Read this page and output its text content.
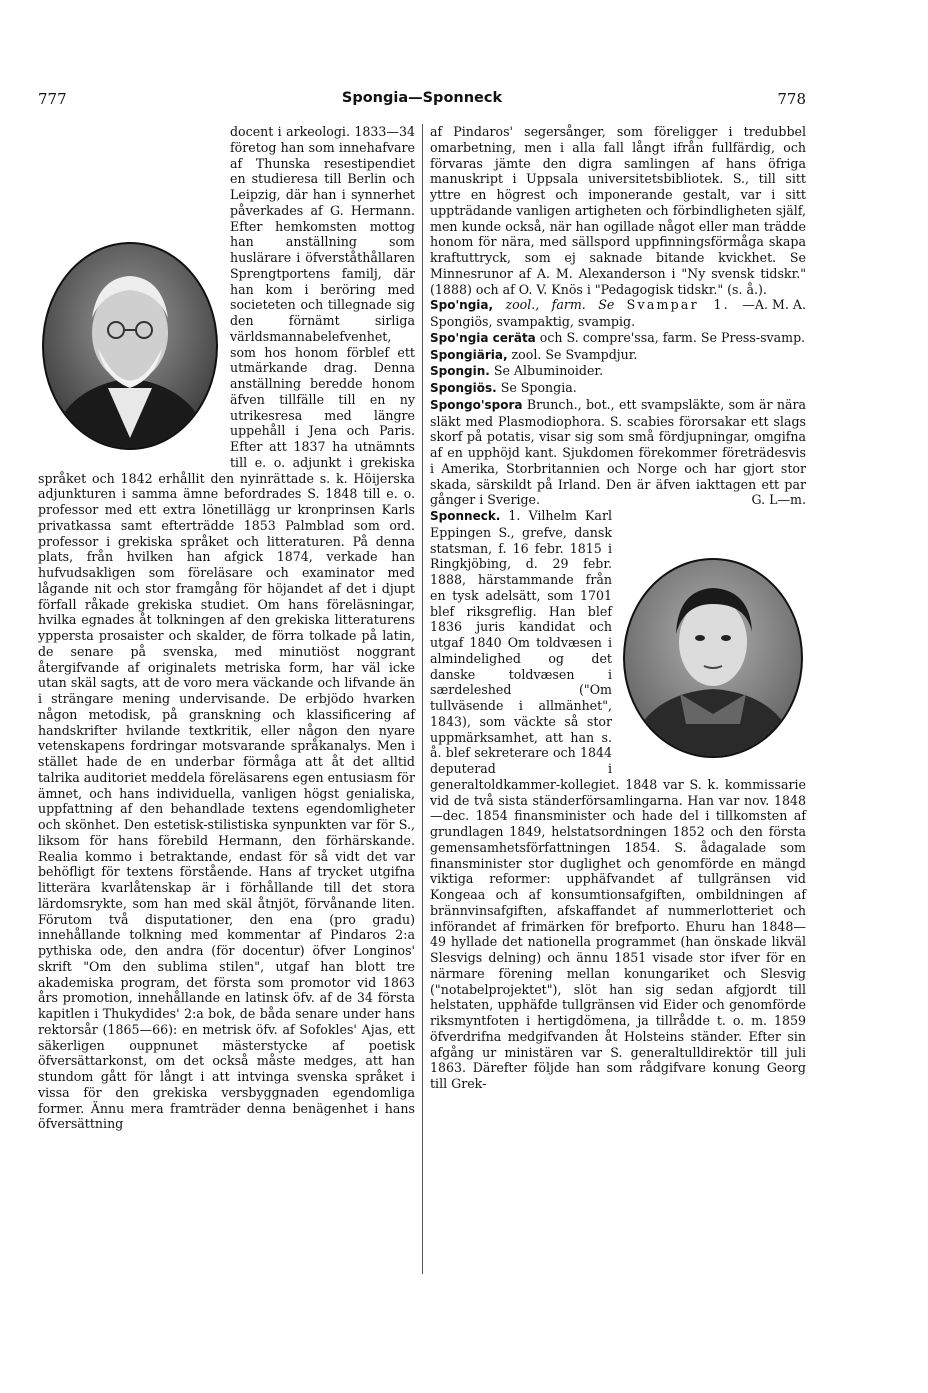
777	Spongia—Sponneck	778

docent i arkeologi. 1833—34 företog han som innehafvare af Thunska resestipendiet en studieresa till Berlin och Leipzig, där han i synnerhet påverkades af G. Hermann. Efter hemkomsten mottog han anställning som huslärare i öfverståthållaren Sprengtportens familj, där han kom i beröring med societeten och tillegnade sig den förnämt sirliga världsmannabelefvenhet, som hos honom förblef ett utmärkande drag. Denna anställning beredde honom äfven tillfälle till en ny utrikesresa med längre uppehåll i Jena och Paris. Efter att 1837 ha utnämnts till e. o. adjunkt i grekiska språket och 1842 erhållit den nyinrättade s. k. Höijerska adjunkturen i samma ämne befordrades S. 1848 till e. o. professor med ett extra lönetillägg ur kronprinsen Karls privatkassa samt efterträdde 1853 Palmblad som ord. professor i grekiska språket och litteraturen. På denna plats, från hvilken han afgick 1874, verkade han hufvudsakligen som föreläsare och examinator med lågande nit och stor framgång för höjandet af det i djupt förfall råkade grekiska studiet. Om hans föreläsningar, hvilka egnades åt tolkningen af den grekiska litteraturens yppersta prosaister och skalder, de förra tolkade på latin, de senare på svenska, med minutiöst noggrant återgifvande af originalets metriska form, har väl icke utan skäl sagts, att de voro mera väckande och lifvande än i strängare mening undervisande. De erbjödo hvarken någon metodisk, på granskning och klassificering af handskrifter hvilande textkritik, eller någon den nyare vetenskapens fordringar motsvarande språkanalys. Men i stället hade de en underbar förmåga att åt det alltid talrika auditoriet meddela föreläsarens egen entusiasm för ämnet, och hans individuella, vanligen högst genialiska, uppfattning af den behandlade textens egendomligheter och skönhet. Den estetisk-stilistiska synpunkten var för S., liksom för hans förebild Hermann, den förhärskande. Realia kommo i betraktande, endast för så vidt det var behöfligt för textens förstående. Hans af trycket utgifna litterära kvarlåtenskap är i förhållande till det stora lärdomsrykte, som han med skäl åtnjöt, förvånande liten. Förutom två disputationer, den ena (pro gradu) innehållande tolkning med kommentar af Pindaros 2:a pythiska ode, den andra (för docentur) öfver Longinos' skrift "Om den sublima stilen", utgaf han blott tre akademiska program, det första som promotor vid 1863 års promotion, innehållande en latinsk öfv. af de 34 första kapitlen i Thukydides' 2:a bok, de båda senare under hans rektorsår (1865—66): en metrisk öfv. af Sofokles' Ajas, ett säkerligen ouppnunet mästerstycke af poetisk öfversättarkonst, om det också måste medges, att han stundom gått för långt i att intvinga svenska språket i vissa för den grekiska versbyggnaden egendomliga former. Ännu mera framträder denna benägenhet i hans öfversättning

af Pindaros' segersånger, som föreligger i tredubbel omarbetning, men i alla fall långt ifrån fullfärdig, och förvaras jämte den digra samlingen af hans öfriga manuskript i Uppsala universitetsbibliotek. S., till sitt yttre en högrest och imponerande gestalt, var i sitt uppträdande vanligen artigheten och förbindligheten själf, men kunde också, när han ogillade något eller man trädde honom för nära, med sällspord uppfinningsförmåga skapa kraftuttryck, som ej saknade bitande kvickhet. Se Minnesrunor af A. M. Alexanderson i "Ny svensk tidskr." (1888) och af O. V. Knös i "Pedagogisk tidskr." (s. å.).
A. M. A.

Spo'ngia, zool., farm. Se Svampar 1. — Spongiös, svampaktig, svampig.

Spo'ngia ceräta och S. compre'ssa, farm. Se Press-svamp.

Spongiäria, zool. Se Svampdjur.

Spongin. Se Albuminoider.

Spongiös. Se Spongia.

Spongo'spora Brunch., bot., ett svampsläkte, som är nära släkt med Plasmodiophora. S. scabies förorsakar ett slags skorf på potatis, visar sig som små fördjupningar, omgifna af en upphöjd kant. Sjukdomen förekommer företrädesvis i Amerika, Storbritannien och Norge och har gjort stor skada, särskildt på Irland. Den är äfven iakttagen ett par gånger i Sverige.	G. L—m.

Sponneck. 1. Vilhelm Karl Eppingen S., grefve, dansk statsman, f. 16 febr. 1815 i Ringkjöbing, d. 29 febr. 1888, härstammande från en tysk adelsätt, som 1701 blef riksgreflig. Han blef 1836 juris kandidat och utgaf 1840 Om toldvæsen i almindelighed og det danske toldvæsen i særdeleshed ("Om tullväsende i allmänhet", 1843), som väckte så stor uppmärksamhet, att han s. å. blef sekreterare och 1844 deputerad i generaltoldkammer-kollegiet. 1848 var S. k. kommissarie vid de två sista ständerförsamlingarna. Han var nov. 1848—dec. 1854 finansminister och hade del i tillkomsten af grundlagen 1849, helstatsordningen 1852 och den första gemensamhetsförfattningen 1854. S. ådagalade som finansminister stor duglighet och genomförde en mängd viktiga reformer: upphäfvandet af tullgränsen vid Kongeaa och af konsumtionsafgiften, ombildningen af brännvinsafgiften, afskaffandet af nummerlotteriet och införandet af frimärken för brefporto. Ehuru han 1848—49 hyllade det nationella programmet (han önskade likväl Slesvigs delning) och ännu 1851 visade stor ifver för en närmare förening mellan konungariket och Slesvig ("notabelprojektet"), slöt han sig sedan afgjordt till helstaten, upphäfde tullgränsen vid Eider och genomförde riksmyntfoten i hertigdömena, ja tillrådde t. o. m. 1859 öfverdrifna medgifvanden åt Holsteins ständer. Efter sin afgång ur ministären var S. generaltulldirektör till juli 1863. Därefter följde han som rådgifvare konung Georg till Grek-
